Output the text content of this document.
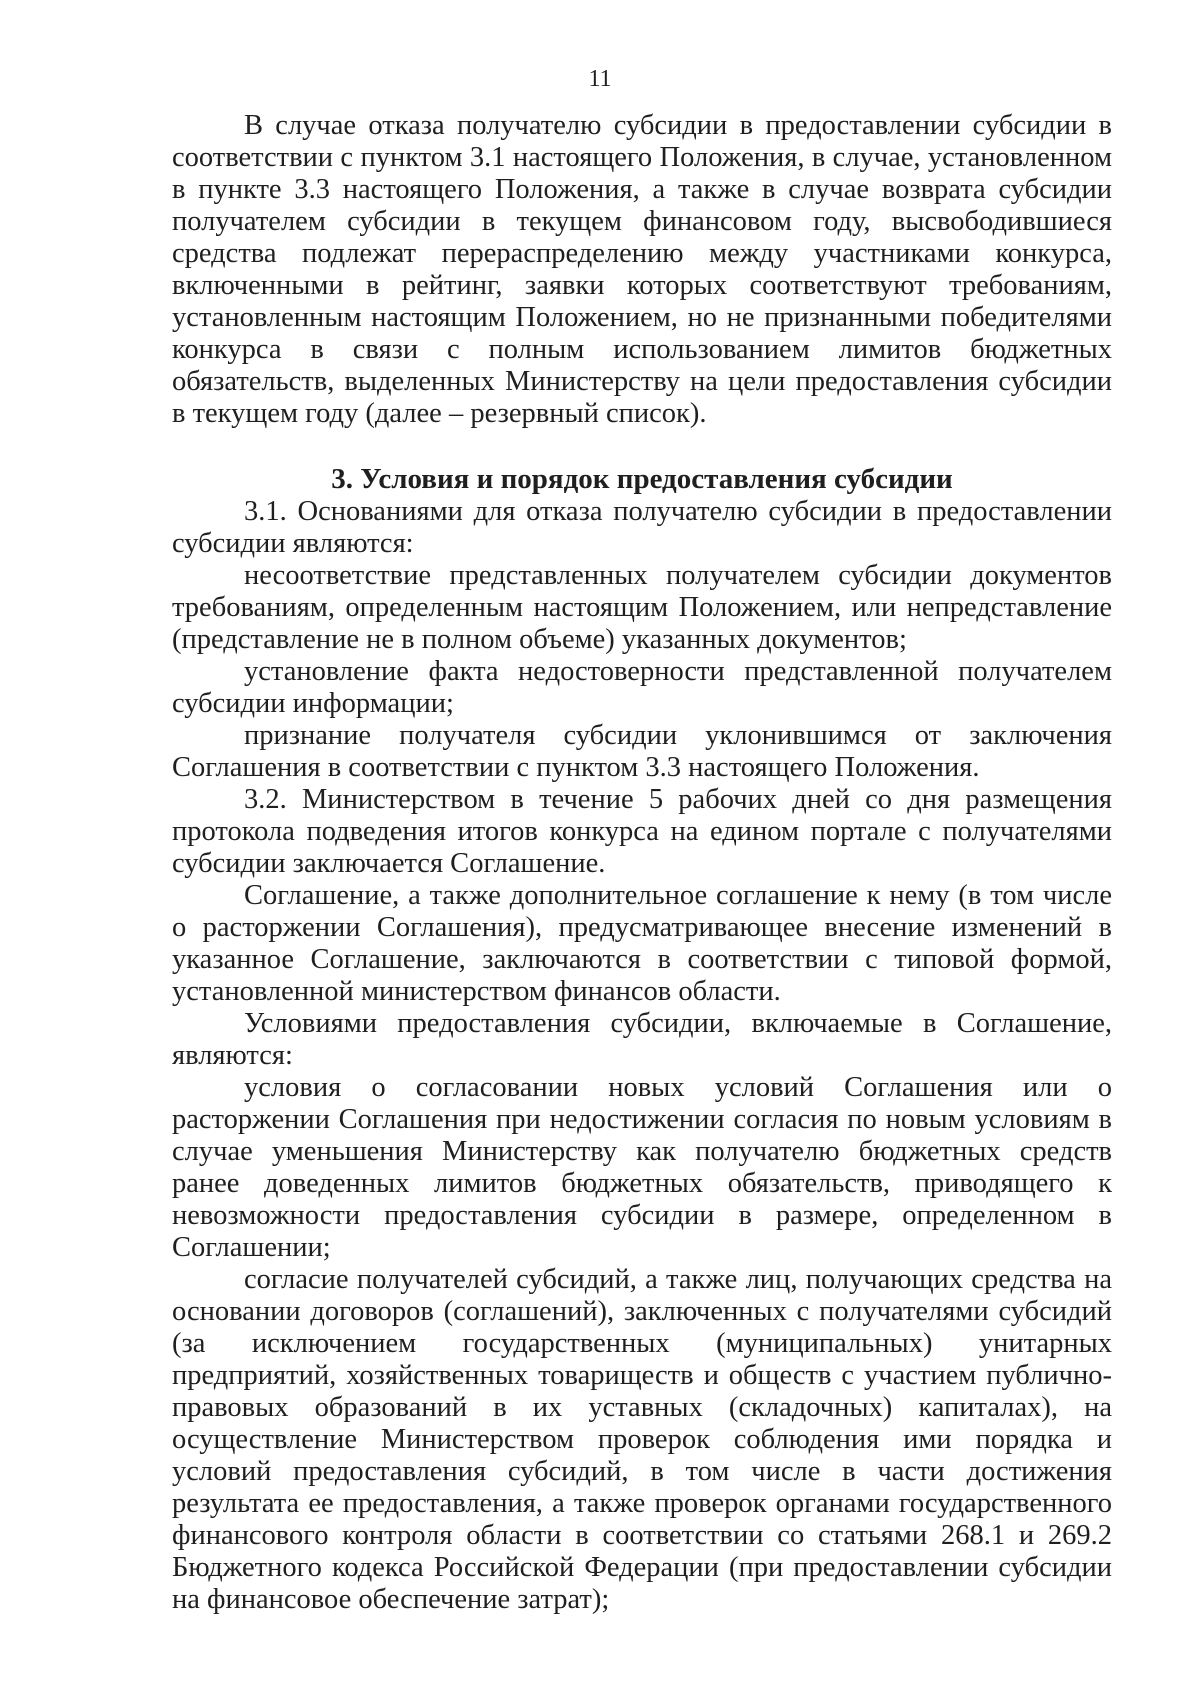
11

В случае отказа получателю субсидии в предоставлении субсидии в соответствии с пунктом 3.1 настоящего Положения, в случае, установленном в пункте 3.3 настоящего Положения, а также в случае возврата субсидии получателем субсидии в текущем финансовом году, высвободившиеся средства подлежат перераспределению между участниками конкурса, включенными в рейтинг, заявки которых соответствуют требованиям, установленным настоящим Положением, но не признанными победителями конкурса в связи с полным использованием лимитов бюджетных обязательств, выделенных Министерству на цели предоставления субсидии в текущем году (далее – резервный список).

3. Условия и порядок предоставления субсидии

3.1. Основаниями для отказа получателю субсидии в предоставлении субсидии являются:

несоответствие представленных получателем субсидии документов требованиям, определенным настоящим Положением, или непредставление (представление не в полном объеме) указанных документов;

установление факта недостоверности представленной получателем субсидии информации;

признание получателя субсидии уклонившимся от заключения Соглашения в соответствии с пунктом 3.3 настоящего Положения.

3.2. Министерством в течение 5 рабочих дней со дня размещения протокола подведения итогов конкурса на едином портале с получателями субсидии заключается Соглашение.

Соглашение, а также дополнительное соглашение к нему (в том числе о расторжении Соглашения), предусматривающее внесение изменений в указанное Соглашение, заключаются в соответствии с типовой формой, установленной министерством финансов области.

Условиями предоставления субсидии, включаемые в Соглашение, являются:

условия о согласовании новых условий Соглашения или о расторжении Соглашения при недостижении согласия по новым условиям в случае уменьшения Министерству как получателю бюджетных средств ранее доведенных лимитов бюджетных обязательств, приводящего к невозможности предоставления субсидии в размере, определенном в Соглашении;

согласие получателей субсидий, а также лиц, получающих средства на основании договоров (соглашений), заключенных с получателями субсидий (за исключением государственных (муниципальных) унитарных предприятий, хозяйственных товариществ и обществ с участием публично-правовых образований в их уставных (складочных) капиталах), на осуществление Министерством проверок соблюдения ими порядка и условий предоставления субсидий, в том числе в части достижения результата ее предоставления, а также проверок органами государственного финансового контроля области в соответствии со статьями 268.1 и 269.2 Бюджетного кодекса Российской Федерации (при предоставлении субсидии на финансовое обеспечение затрат);
